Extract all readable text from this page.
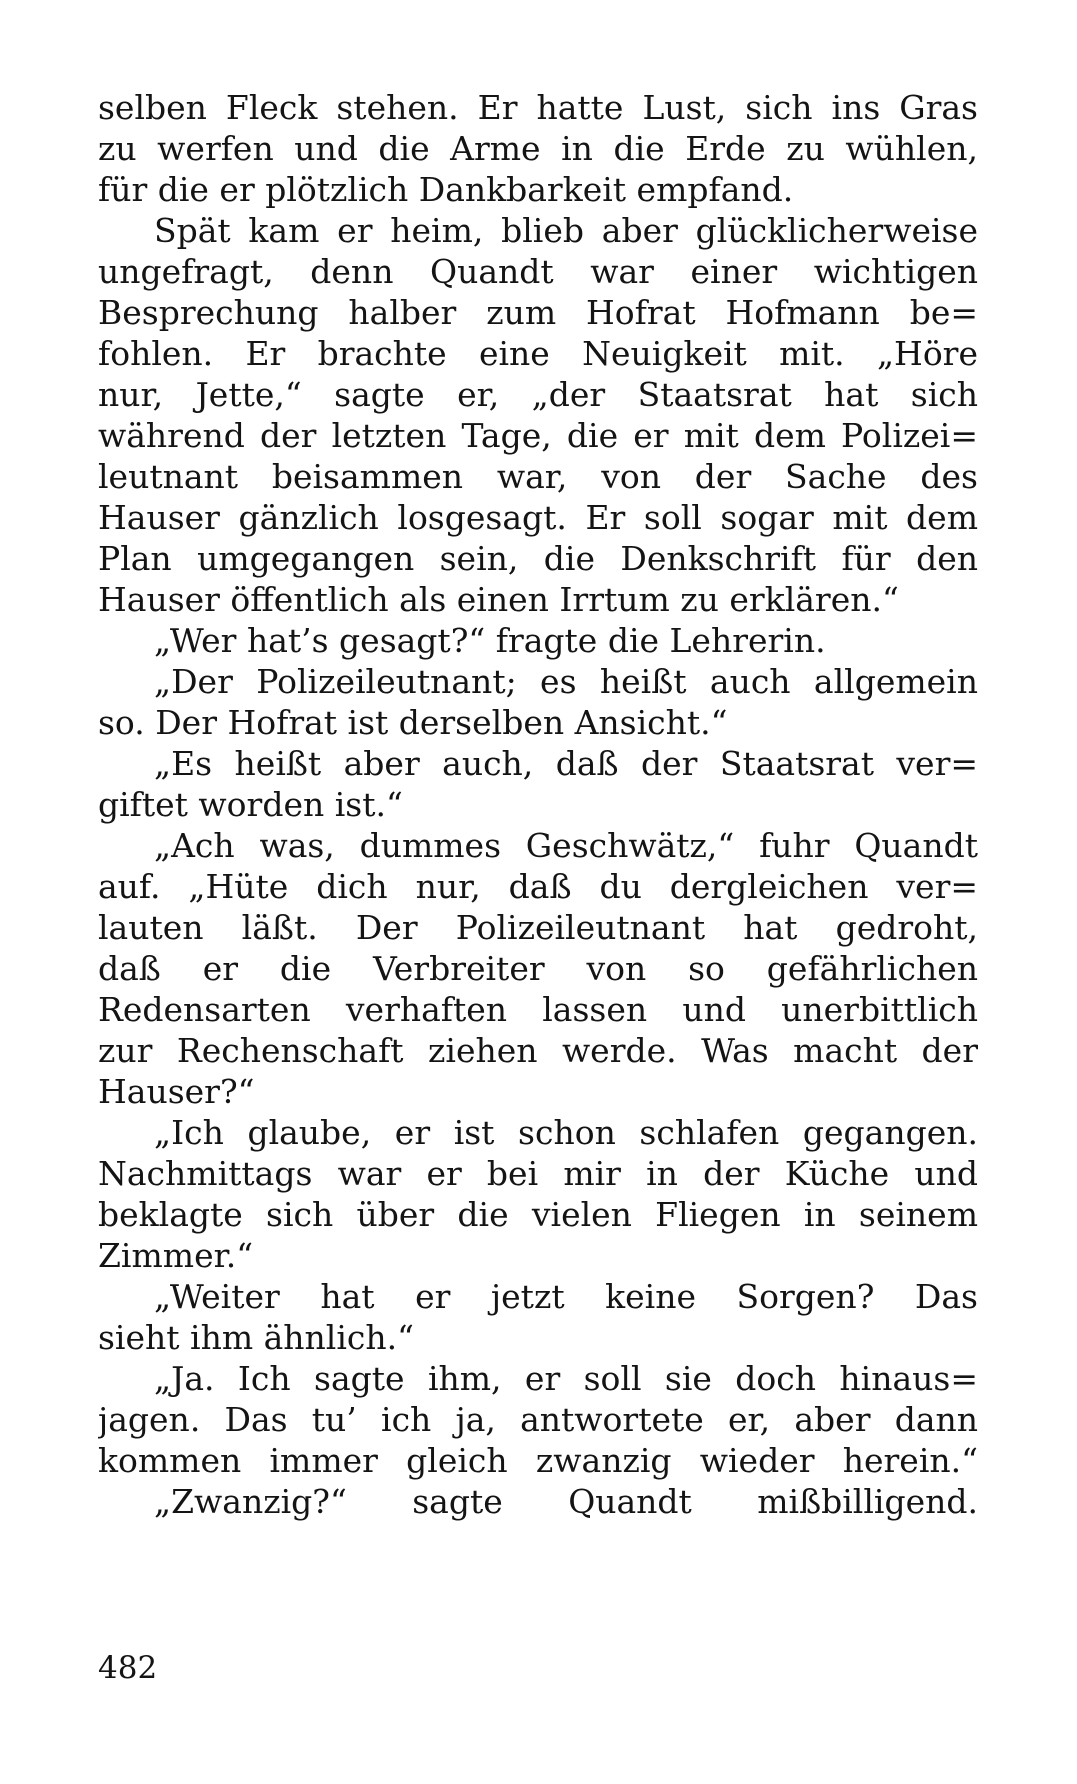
selben Fleck stehen. Er hatte Lust, sich ins Gras
zu werfen und die Arme in die Erde zu wühlen,
für die er plötzlich Dankbarkeit empfand.
Spät kam er heim, blieb aber glücklicherweise
ungefragt, denn Quandt war einer wichtigen
Besprechung halber zum Hofrat Hofmann be=
fohlen. Er brachte eine Neuigkeit mit. „Höre
nur, Jette,“ sagte er, „der Staatsrat hat sich
während der letzten Tage, die er mit dem Polizei=
leutnant beisammen war, von der Sache des
Hauser gänzlich losgesagt. Er soll sogar mit dem
Plan umgegangen sein, die Denkschrift für den
Hauser öffentlich als einen Irrtum zu erklären.“
„Wer hat’s gesagt?“ fragte die Lehrerin.
„Der Polizeileutnant; es heißt auch allgemein
so. Der Hofrat ist derselben Ansicht.“
„Es heißt aber auch, daß der Staatsrat ver=
giftet worden ist.“
„Ach was, dummes Geschwätz,“ fuhr Quandt
auf. „Hüte dich nur, daß du dergleichen ver=
lauten läßt. Der Polizeileutnant hat gedroht,
daß er die Verbreiter von so gefährlichen
Redensarten verhaften lassen und unerbittlich
zur Rechenschaft ziehen werde. Was macht der
Hauser?“
„Ich glaube, er ist schon schlafen gegangen.
Nachmittags war er bei mir in der Küche und
beklagte sich über die vielen Fliegen in seinem
Zimmer.“
„Weiter hat er jetzt keine Sorgen? Das
sieht ihm ähnlich.“
„Ja. Ich sagte ihm, er soll sie doch hinaus=
jagen. Das tu’ ich ja, antwortete er, aber dann
kommen immer gleich zwanzig wieder herein.“
„Zwanzig?“ sagte Quandt mißbilligend.
482
